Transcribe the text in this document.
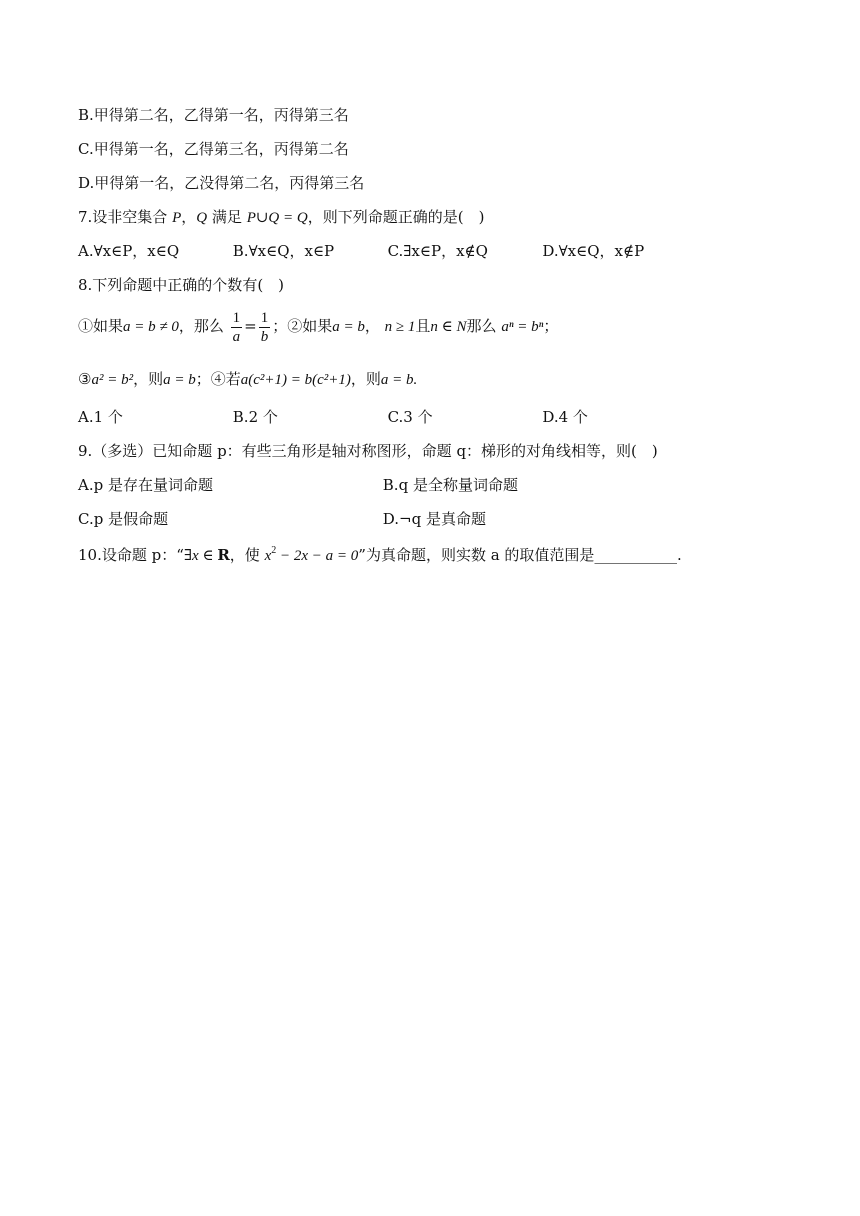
B.甲得第二名，乙得第一名，丙得第三名
C.甲得第一名，乙得第三名，丙得第二名
D.甲得第一名，乙没得第二名，丙得第三名
7.设非空集合 P，Q 满足 P∪Q = Q，则下列命题正确的是(　)
A.∀x∈P，x∈Q	B.∀x∈Q，x∈P	C.∃x∈P，x∉Q	D.∀x∈Q，x∉P
8.下列命题中正确的个数有(　)
①如果a = b ≠ 0，那么 $\frac{1}{a} = \frac{1}{b}$ ；②如果a = b， n ≥ 1且n ∈ N那么 aⁿ = bⁿ；
③a² = b²，则a = b；④若a(c²+1) = b(c²+1)，则a = b.
A.1 个	B.2 个	C.3 个	D.4 个
9.（多选）已知命题 p：有些三角形是轴对称图形，命题 q：梯形的对角线相等，则(　)
A.p 是存在量词命题	B.q 是全称量词命题
C.p 是假命题	D.¬q 是真命题
10.设命题 p：“∃x ∈ R，使 $x^2 - 2x - a = 0$”为真命题，则实数 a 的取值范围是___________.
